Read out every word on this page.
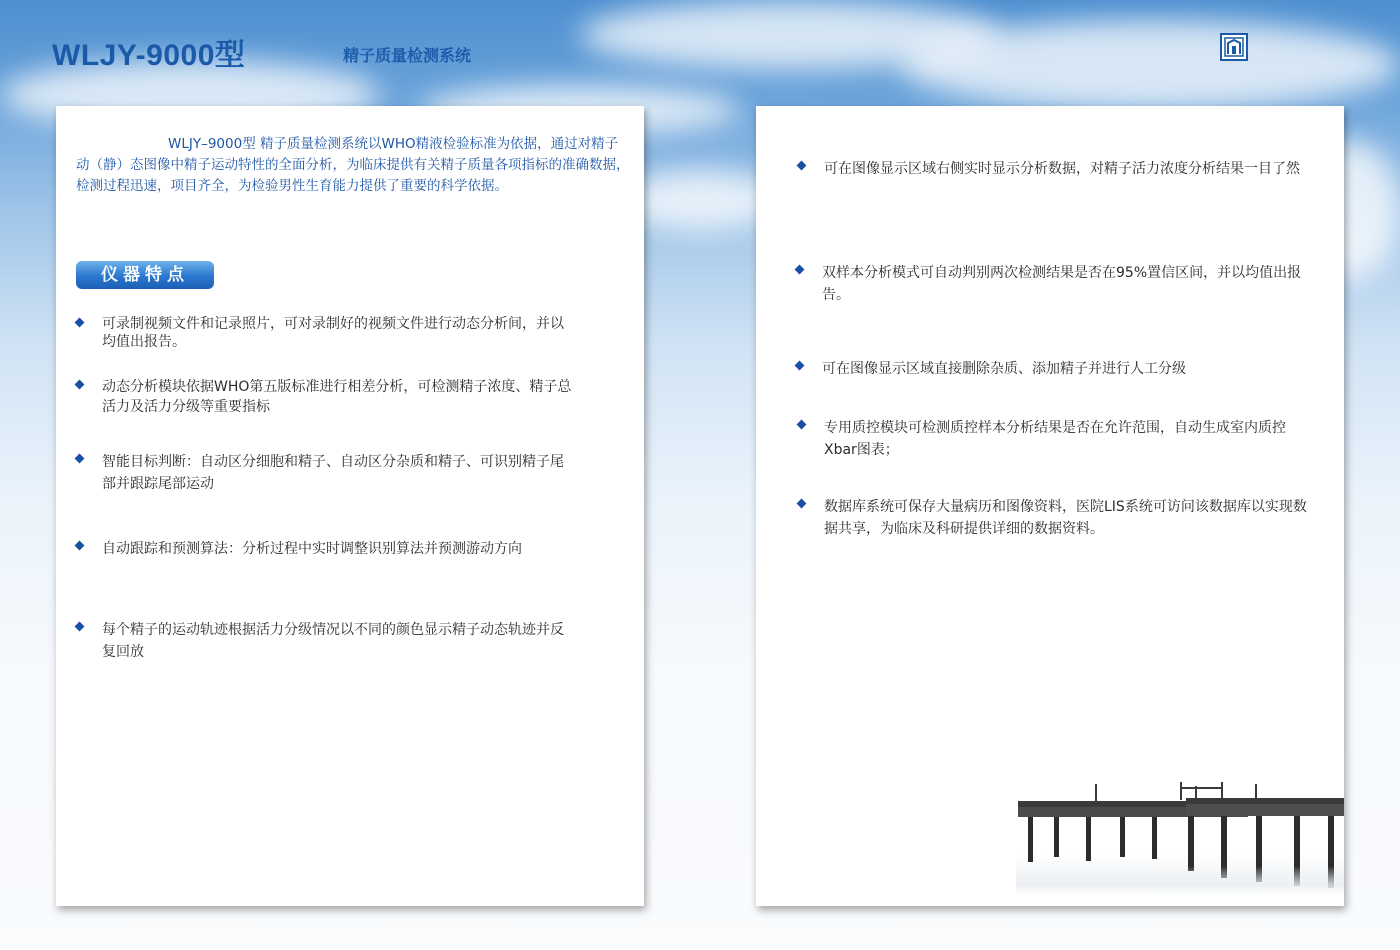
WLJY-9000型	精子质量检测系统

WLJY–9000型 精子质量检测系统以WHO精液检验标准为依据，通过对精子动（静）态图像中精子运动特性的全面分析，为临床提供有关精子质量各项指标的准确数据，检测过程迅速，项目齐全，为检验男性生育能力提供了重要的科学依据。

仪器特点

可录制视频文件和记录照片，可对录制好的视频文件进行动态分析间，并以均值出报告。

动态分析模块依据WHO第五版标准进行相差分析，可检测精子浓度、精子总活力及活力分级等重要指标

智能目标判断：自动区分细胞和精子、自动区分杂质和精子、可识别精子尾部并跟踪尾部运动

自动跟踪和预测算法：分析过程中实时调整识别算法并预测游动方向

每个精子的运动轨迹根据活力分级情况以不同的颜色显示精子动态轨迹并反复回放

可在图像显示区域右侧实时显示分析数据，对精子活力浓度分析结果一目了然

双样本分析模式可自动判别两次检测结果是否在95%置信区间，并以均值出报告。

可在图像显示区域直接删除杂质、添加精子并进行人工分级

专用质控模块可检测质控样本分析结果是否在允许范围，自动生成室内质控Xbar图表；

数据库系统可保存大量病历和图像资料，医院LIS系统可访问该数据库以实现数据共享，为临床及科研提供详细的数据资料。
